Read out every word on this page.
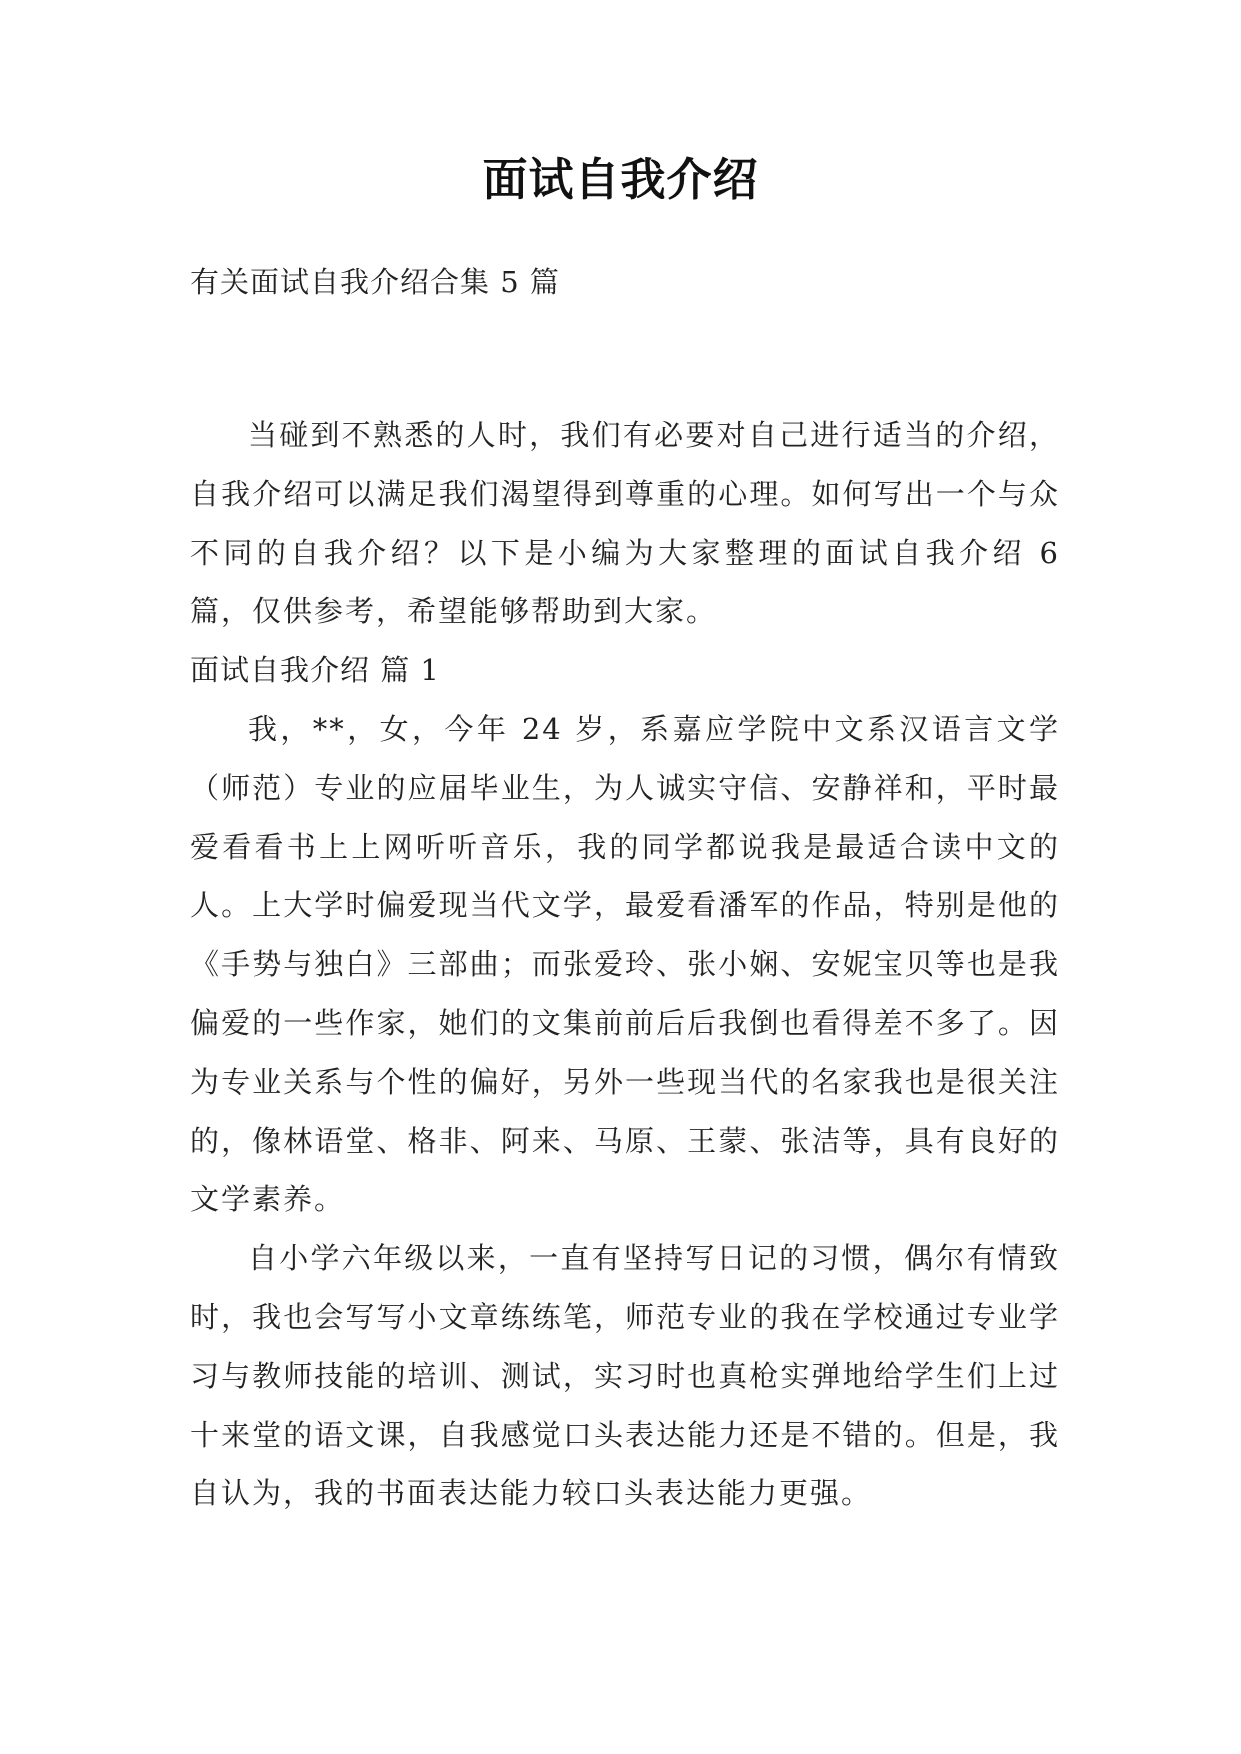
面试自我介绍
有关面试自我介绍合集 5 篇

当碰到不熟悉的人时，我们有必要对自己进行适当的介绍，自我介绍可以满足我们渴望得到尊重的心理。如何写出一个与众不同的自我介绍？以下是小编为大家整理的面试自我介绍 6 篇，仅供参考，希望能够帮助到大家。

面试自我介绍 篇 1

我，**，女，今年 24 岁，系嘉应学院中文系汉语言文学（师范）专业的应届毕业生，为人诚实守信、安静祥和，平时最爱看看书上上网听听音乐，我的同学都说我是最适合读中文的人。上大学时偏爱现当代文学，最爱看潘军的作品，特别是他的《手势与独白》三部曲；而张爱玲、张小娴、安妮宝贝等也是我偏爱的一些作家，她们的文集前前后后我倒也看得差不多了。因为专业关系与个性的偏好，另外一些现当代的名家我也是很关注的，像林语堂、格非、阿来、马原、王蒙、张洁等，具有良好的文学素养。

自小学六年级以来，一直有坚持写日记的习惯，偶尔有情致时，我也会写写小文章练练笔，师范专业的我在学校通过专业学习与教师技能的培训、测试，实习时也真枪实弹地给学生们上过十来堂的语文课，自我感觉口头表达能力还是不错的。但是，我自认为，我的书面表达能力较口头表达能力更强。
